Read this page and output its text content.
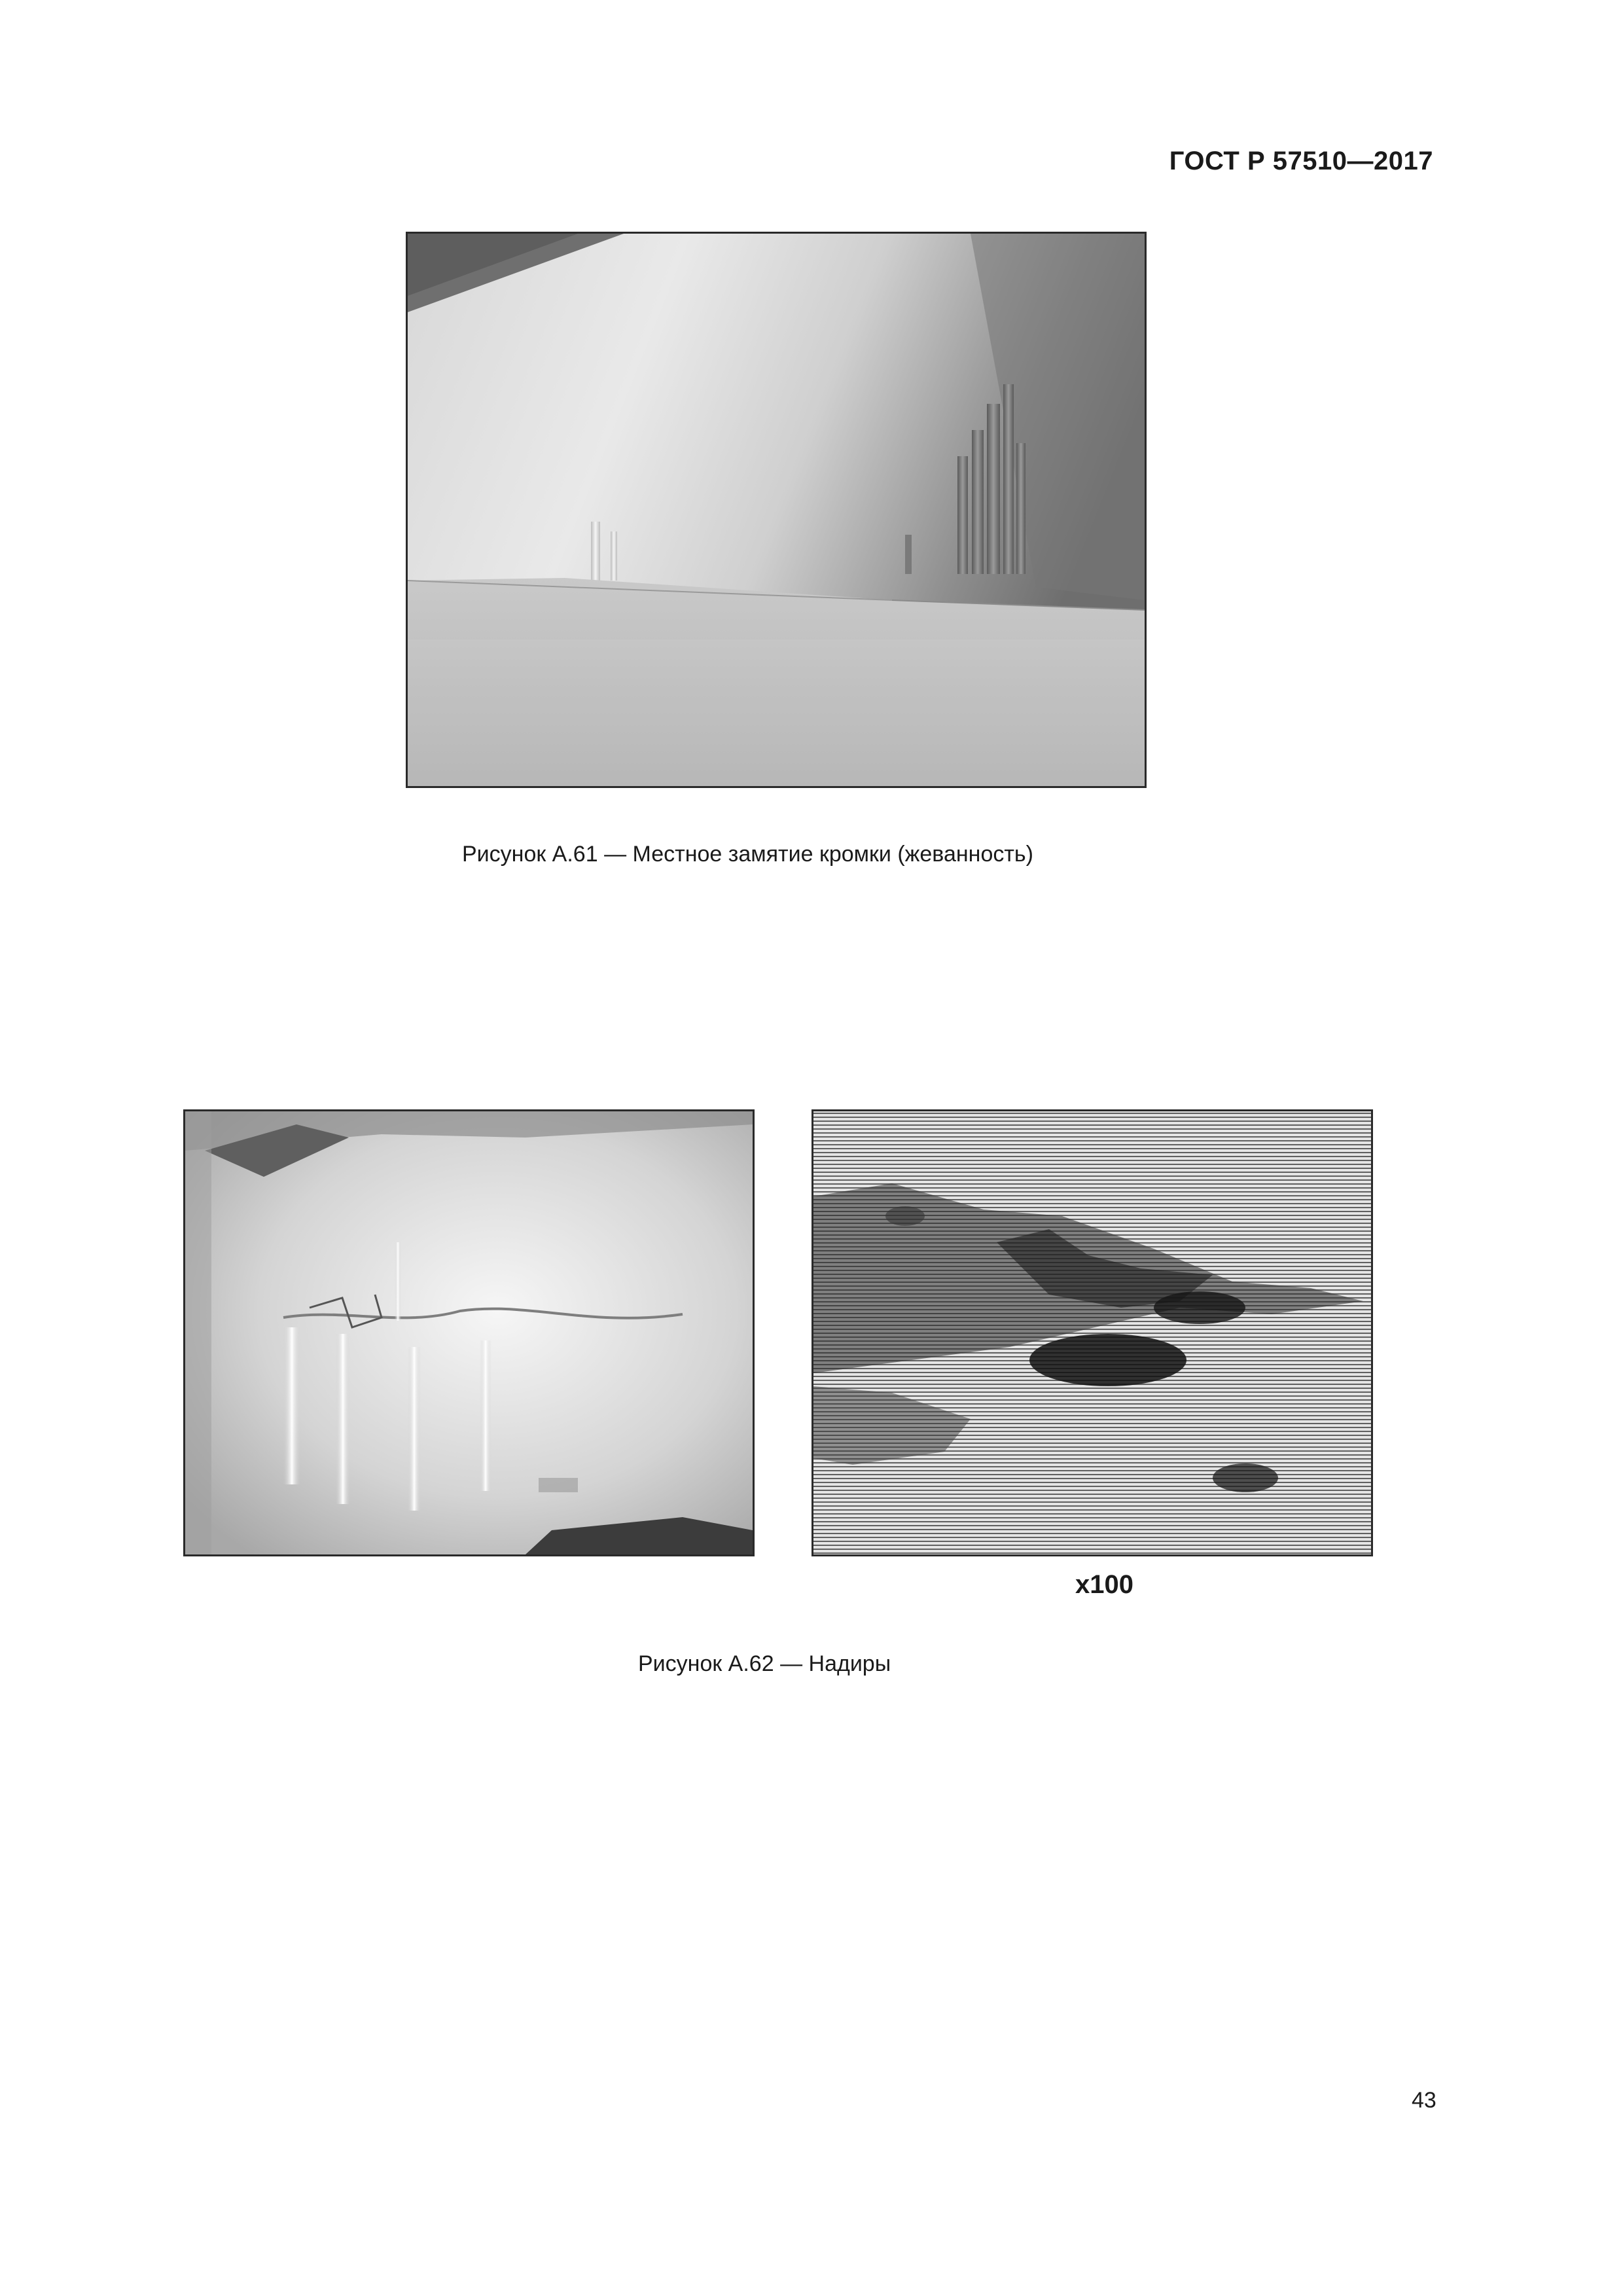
ГОСТ Р 57510—2017
Рисунок А.61 — Местное замятие кромки (жеванность)
x100
Рисунок А.62 — Надиры
43
